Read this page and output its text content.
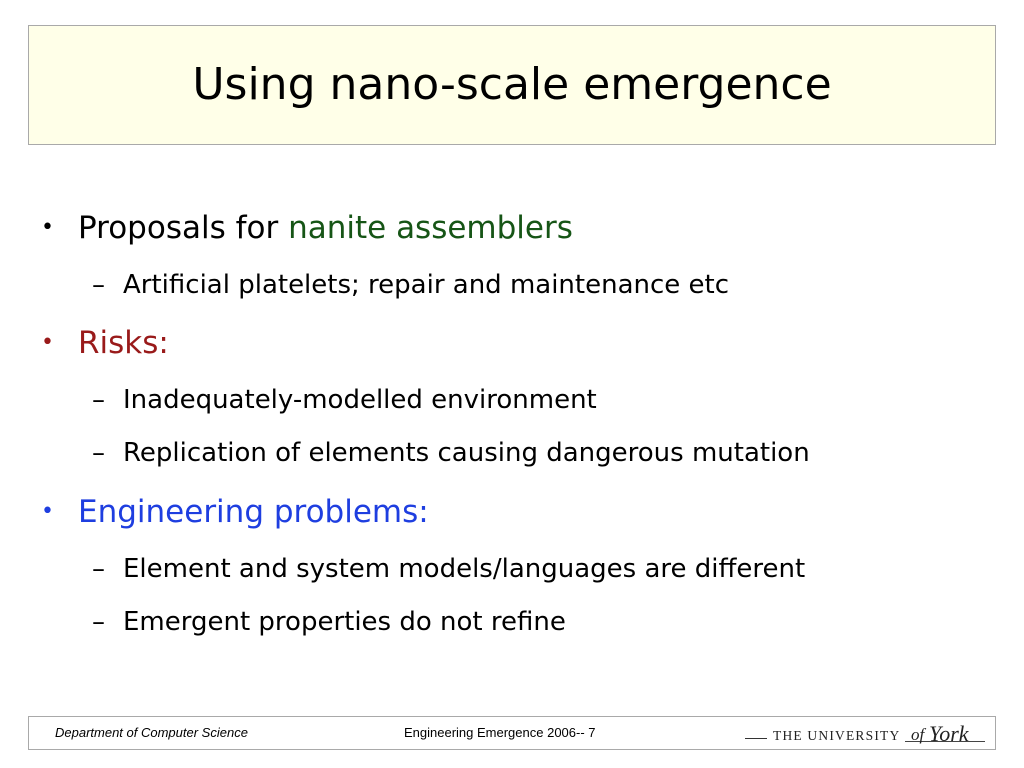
Using nano-scale emergence
• Proposals for nanite assemblers
– Artificial platelets; repair and maintenance etc
• Risks:
– Inadequately-modelled environment
– Replication of elements causing dangerous mutation
• Engineering problems:
– Element and system models/languages are different
– Emergent properties do not refine
Department of Computer Science	Engineering Emergence 2006-- 7	THE UNIVERSITY of York
